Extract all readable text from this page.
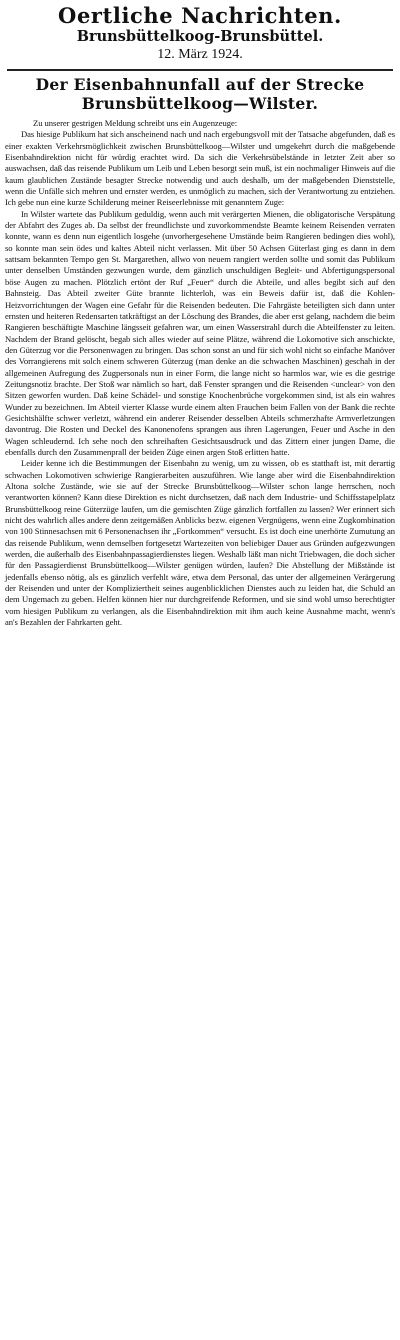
Oertliche Nachrichten.
Brunsbüttelkoog-Brunsbüttel.
12. März 1924.
Der Eisenbahnunfall auf der Strecke
Brunsbüttelkoog—Wilster.

Zu unserer gestrigen Meldung schreibt uns ein Augenzeuge:

Das hiesige Publikum hat sich anscheinend nach und nach ergebungsvoll mit der Tatsache abgefunden, daß es einer exakten Verkehrsmöglichkeit zwischen Brunsbüttelkoog—Wilster und umgekehrt durch die maßgebende Eisenbahndirektion nicht für würdig erachtet wird. Da sich die Verkehrsübelstände in letzter Zeit aber so auswachsen, daß das reisende Publikum um Leib und Leben besorgt sein muß, ist ein nochmaliger Hinweis auf die kaum glaublichen Zustände besagter Strecke notwendig und auch deshalb, um der maßgebenden Dienststelle, wenn die Unfälle sich mehren und ernster werden, es unmöglich zu machen, sich der Verantwortung zu entziehen. Ich gebe nun eine kurze Schilderung meiner Reiseerlebnisse mit genanntem Zuge:

In Wilster wartete das Publikum geduldig, wenn auch mit verärgerten Mienen, die obligatorische Verspätung der Abfahrt des Zuges ab. Da selbst der freundlichste und zuvorkommendste Beamte keinem Reisenden verraten konnte, wann es denn nun eigentlich losgehe (unvorhergesehene Umstände beim Rangieren bedingen dies wohl), so konnte man sein ödes und kaltes Abteil nicht verlassen. Mit über 50 Achsen Güterlast ging es dann in dem sattsam bekannten Tempo gen St. Margarethen, allwo von neuem rangiert werden sollte und somit das Publikum unter denselben Umständen gezwungen wurde, dem gänzlich unschuldigen Begleit- und Abfertigungspersonal böse Augen zu machen. Plötzlich ertönt der Ruf „Feuer“ durch die Abteile, und alles begibt sich auf den Bahnsteig. Das Abteil zweiter Güte brannte lichterloh, was ein Beweis dafür ist, daß die Kohlen-Heizvorrichtungen der Wagen eine Gefahr für die Reisenden bedeuten. Die Fahrgäste beteiligten sich dann unter ernsten und heiteren Redensarten tatkräftigst an der Löschung des Brandes, die aber erst gelang, nachdem die beim Rangieren beschäftigte Maschine längsseit gefahren war, um einen Wasserstrahl durch die Abteilfenster zu leiten. Nachdem der Brand gelöscht, begab sich alles wieder auf seine Plätze, während die Lokomotive sich anschickte, den Güterzug vor die Personenwagen zu bringen. Das schon sonst an und für sich wohl nicht so einfache Manöver des Vorrangierens mit solch einem schweren Güterzug (man denke an die schwachen Maschinen) geschah in der allgemeinen Aufregung des Zugpersonals nun in einer Form, die lange nicht so harmlos war, wie es die gestrige Zeitungsnotiz brachte. Der Stoß war nämlich so hart, daß Fenster sprangen und die Reisenden <unclear> von den Sitzen geworfen wurden. Daß keine Schädel- und sonstige Knochenbrüche vorgekommen sind, ist als ein wahres Wunder zu bezeichnen. Im Abteil vierter Klasse wurde einem alten Frauchen beim Fallen von der Bank die rechte Gesichtshälfte schwer verletzt, während ein anderer Reisender desselben Abteils schmerzhafte Armverletzungen davontrug. Die Rosten und Deckel des Kanonenofens sprangen aus ihren Lagerungen, Feuer und Asche in den Wagen schleudernd. Ich sehe noch den schreihaften Gesichtsausdruck und das Zittern einer jungen Dame, die ebenfalls durch den Zusammenprall der beiden Züge einen argen Stoß erlitten hatte.

Leider kenne ich die Bestimmungen der Eisenbahn zu wenig, um zu wissen, ob es statthaft ist, mit derartig schwachen Lokomotiven schwierige Rangierarbeiten auszuführen. Wie lange aber wird die Eisenbahndirektion Altona solche Zustände, wie sie auf der Strecke Brunsbüttelkoog—Wilster schon lange herrschen, noch verantworten können? Kann diese Direktion es nicht durchsetzen, daß nach dem Industrie- und Schiffsstapelplatz Brunsbüttelkoog reine Güterzüge laufen, um die gemischten Züge gänzlich fortfallen zu lassen? Wer erinnert sich nicht des wahrlich alles andere denn zeitgemäßen Anblicks bezw. eigenen Vergnügens, wenn eine Zugkombination von 100 Stinnesachsen mit 6 Personenachsen ihr „Fortkommen“ versucht. Es ist doch eine unerhörte Zumutung an das reisende Publikum, wenn demselben fortgesetzt Wartezeiten von beliebiger Dauer aus Gründen aufgezwungen werden, die außerhalb des Eisenbahnpassagierdienstes liegen. Weshalb läßt man nicht Triebwagen, die doch sicher für den Passagierdienst Brunsbüttelkoog—Wilster genügen würden, laufen? Die Abstellung der Mißstände ist jedenfalls ebenso nötig, als es gänzlich verfehlt wäre, etwa dem Personal, das unter der allgemeinen Verärgerung der Reisenden und unter der Kompliziertheit seines augenblicklichen Dienstes auch zu leiden hat, die Schuld an dem Ungemach zu geben. Helfen können hier nur durchgreifende Reformen, und sie sind wohl umso berechtigter vom hiesigen Publikum zu verlangen, als die Eisenbahndirektion mit ihm auch keine Ausnahme macht, wenn's an's Bezahlen der Fahrkarten geht.
